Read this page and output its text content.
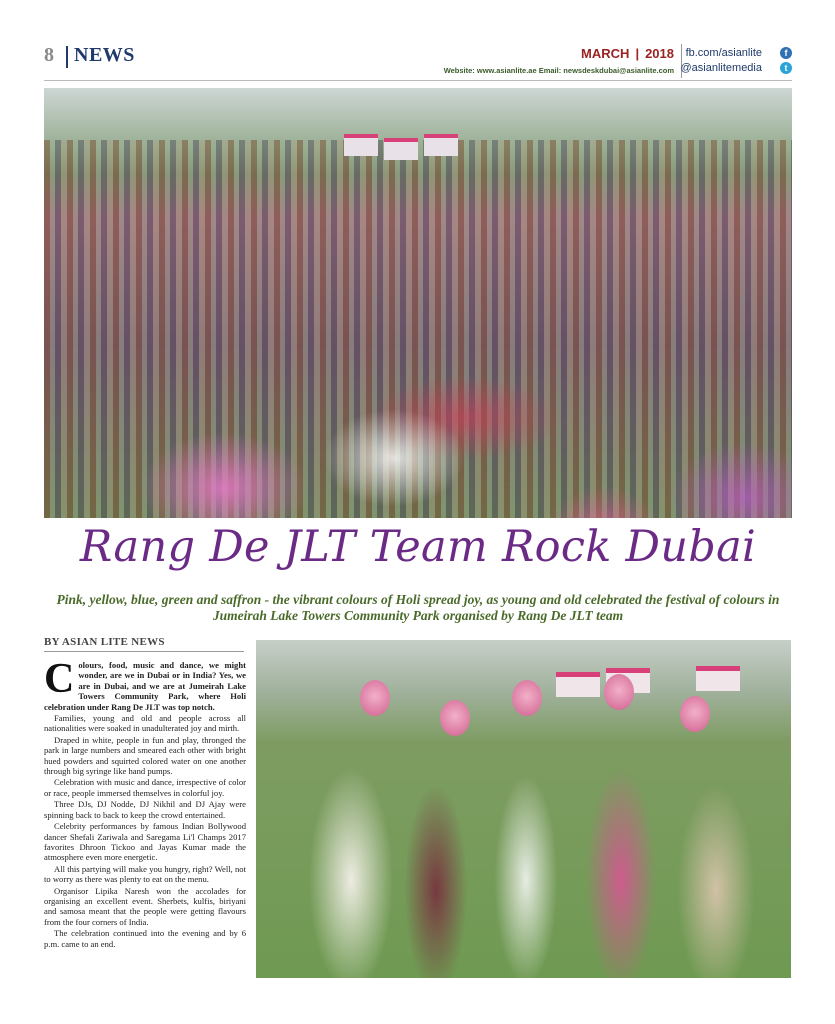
8 NEWS	MARCH | 2018
Website: www.asianlite.ae Email: newsdeskdubai@asianlite.com
fb.com/asianlite
@asianlitemedia
f
t
Rang De JLT Team Rock Dubai
Pink, yellow, blue, green and saffron - the vibrant colours of Holi spread joy, as young and old celebrated the festival of colours in Jumeirah Lake Towers Community Park organised by Rang De JLT team
BY ASIAN LITE NEWS

Colours, food, music and dance, we might wonder, are we in Dubai or in India? Yes, we are in Dubai, and we are at Jumeirah Lake Towers Community Park, where Holi celebration under Rang De JLT was top notch.

Families, young and old and people across all nationalities were soaked in unadulterated joy and mirth.

Draped in white, people in fun and play, thronged the park in large numbers and smeared each other with bright hued powders and squirted colored water on one another through big syringe like hand pumps.

Celebration with music and dance, irrespective of color or race, people immersed themselves in colorful joy.

Three DJs, DJ Nodde, DJ Nikhil and DJ Ajay were spinning back to back to keep the crowd entertained.

Celebrity performances by famous Indian Bollywood dancer Shefali Zariwala and Saregama Li'l Champs 2017 favorites Dhroon Tickoo and Jayas Kumar made the atmosphere even more energetic.

All this partying will make you hungry, right? Well, not to worry as there was plenty to eat on the menu.

Organisor Lipika Naresh won the accolades for organising an excellent event. Sherbets, kulfis, biriyani and samosa meant that the people were getting flavours from the four corners of India.

The celebration continued into the evening and by 6 p.m. came to an end.
